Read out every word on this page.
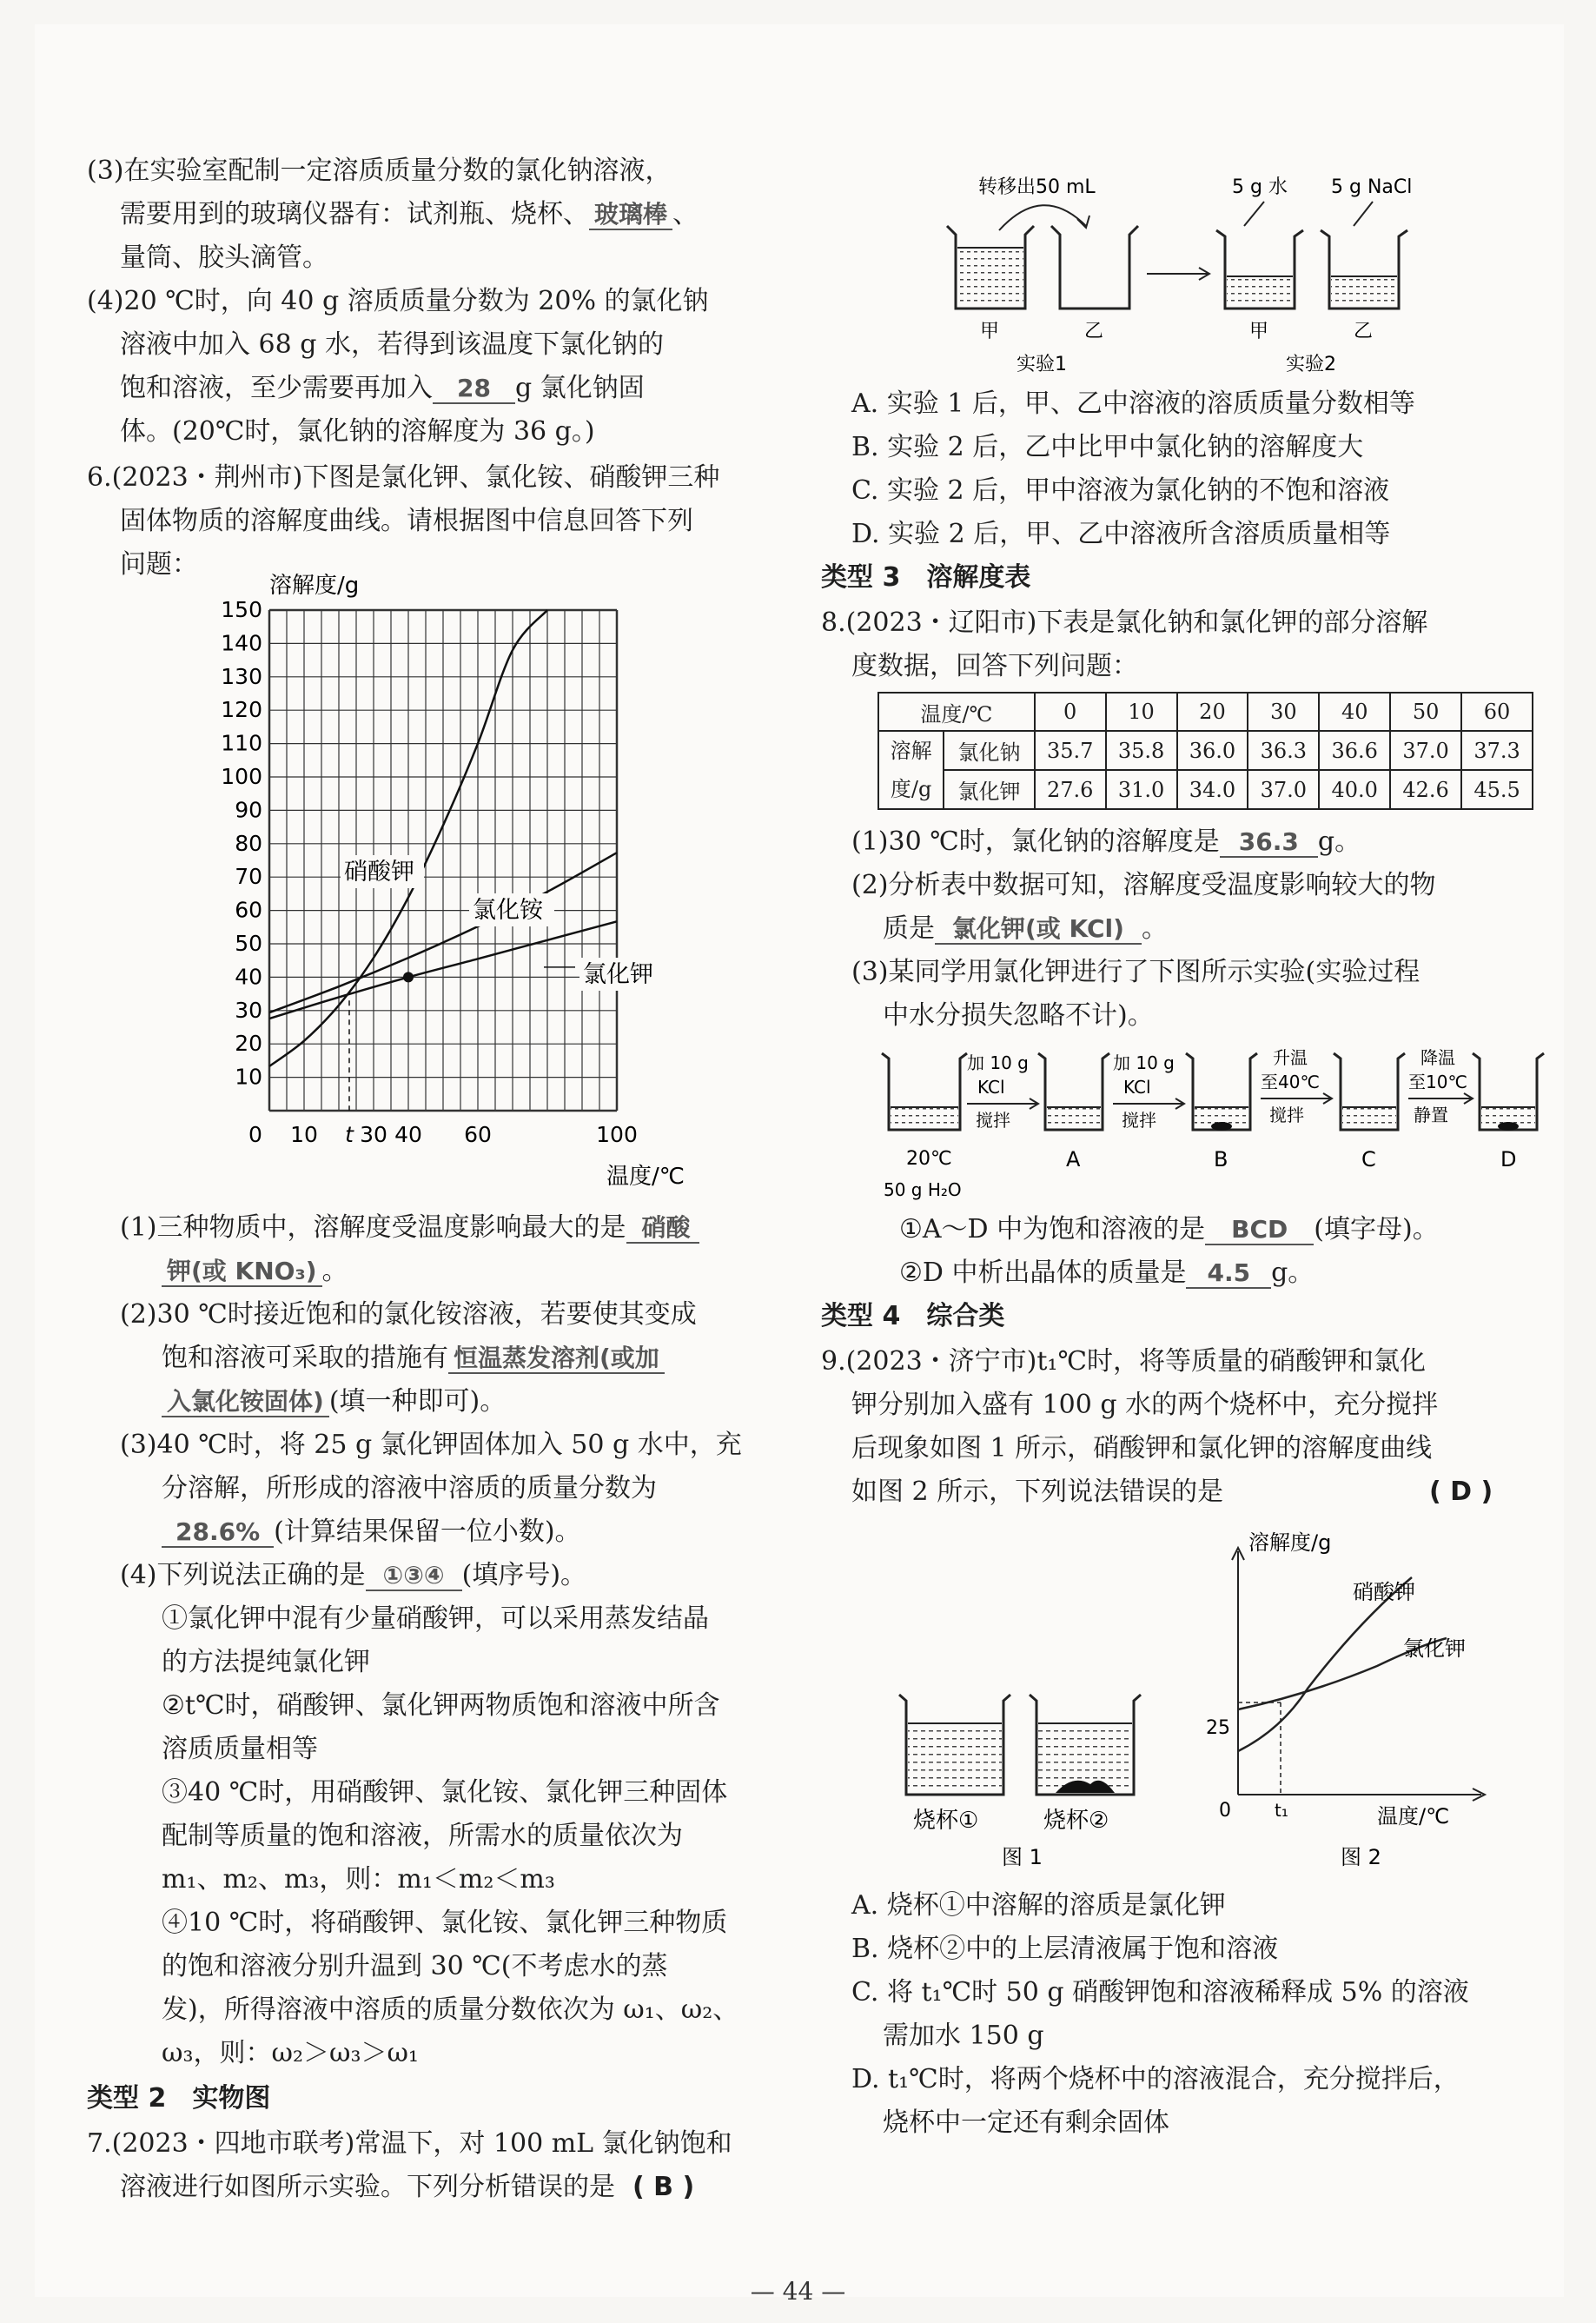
(3)在实验室配制一定溶质质量分数的氯化钠溶液，
需要用到的玻璃仪器有：试剂瓶、烧杯、 玻璃棒 、
量筒、胶头滴管。
(4)20 ℃时，向 40 g 溶质质量分数为 20% 的氯化钠
溶液中加入 68 g 水，若得到该温度下氯化钠的
饱和溶液，至少需要再加入 28 g 氯化钠固
体。(20℃时，氯化钠的溶解度为 36 g。)
6.(2023・荆州市)下图是氯化钾、氯化铵、硝酸钾三种
固体物质的溶解度曲线。请根据图中信息回答下列
问题：
溶解度/g
温度/℃
10
20
30
40
50
60
70
80
90
100
110
120
130
140
150
0 10 t 30 40 60	100
硝酸钾
氯化铵
氯化钾
(1)三种物质中，溶解度受温度影响最大的是 硝酸
钾(或 KNO₃) 。
(2)30 ℃时接近饱和的氯化铵溶液，若要使其变成
饱和溶液可采取的措施有 恒温蒸发溶剂(或加
入氯化铵固体) (填一种即可)。
(3)40 ℃时，将 25 g 氯化钾固体加入 50 g 水中，充
分溶解，所形成的溶液中溶质的质量分数为
28.6% (计算结果保留一位小数)。
(4)下列说法正确的是 ①③④ (填序号)。
①氯化钾中混有少量硝酸钾，可以采用蒸发结晶
的方法提纯氯化钾
②t℃时，硝酸钾、氯化钾两物质饱和溶液中所含
溶质质量相等
③40 ℃时，用硝酸钾、氯化铵、氯化钾三种固体
配制等质量的饱和溶液，所需水的质量依次为
m₁、m₂、m₃，则：m₁＜m₂＜m₃
④10 ℃时，将硝酸钾、氯化铵、氯化钾三种物质
的饱和溶液分别升温到 30 ℃(不考虑水的蒸
发)，所得溶液中溶质的质量分数依次为 ω₁、ω₂、
ω₃，则：ω₂＞ω₃＞ω₁
类型 2　实物图
7.(2023・四地市联考)常温下，对 100 mL 氯化钠饱和
溶液进行如图所示实验。下列分析错误的是 ( B )
转移出50 mL	5 g 水 5 g NaCl
甲	乙
实验1
甲	乙
实验2
A. 实验 1 后，甲、乙中溶液的溶质质量分数相等
B. 实验 2 后，乙中比甲中氯化钠的溶解度大
C. 实验 2 后，甲中溶液为氯化钠的不饱和溶液
D. 实验 2 后，甲、乙中溶液所含溶质质量相等
类型 3　溶解度表
8.(2023・辽阳市)下表是氯化钠和氯化钾的部分溶解
度数据，回答下列问题：
温度/℃		0	10	20	30	40	50	60
溶解
度/g	氯化钠	35.7	35.8	36.0	36.3	36.6	37.0	37.3
	氯化钾	27.6	31.0	34.0	37.0	40.0	42.6	45.5
(1)30 ℃时，氯化钠的溶解度是 36.3 g。
(2)分析表中数据可知，溶解度受温度影响较大的物
质是 氯化钾(或 KCl) 。
(3)某同学用氯化钾进行了下图所示实验(实验过程
中水分损失忽略不计)。
20℃
50 g H₂O
加 10 g
KCl
搅拌
A
加 10 g
KCl
搅拌
B
升温
至40℃
搅拌
C
降温
至10℃
静置
D
①A～D 中为饱和溶液的是 BCD (填字母)。
②D 中析出晶体的质量是 4.5 g。
类型 4　综合类
9.(2023・济宁市)t₁℃时，将等质量的硝酸钾和氯化
钾分别加入盛有 100 g 水的两个烧杯中，充分搅拌
后现象如图 1 所示，硝酸钾和氯化钾的溶解度曲线
如图 2 所示，下列说法错误的是	( D )
烧杯①	烧杯②
图 1
溶解度/g
温度/℃
0
25
t₁
硝酸钾
氯化钾
图 2
A. 烧杯①中溶解的溶质是氯化钾
B. 烧杯②中的上层清液属于饱和溶液
C. 将 t₁℃时 50 g 硝酸钾饱和溶液稀释成 5% 的溶液
需加水 150 g
D. t₁℃时，将两个烧杯中的溶液混合，充分搅拌后，
烧杯中一定还有剩余固体
— 44 —
